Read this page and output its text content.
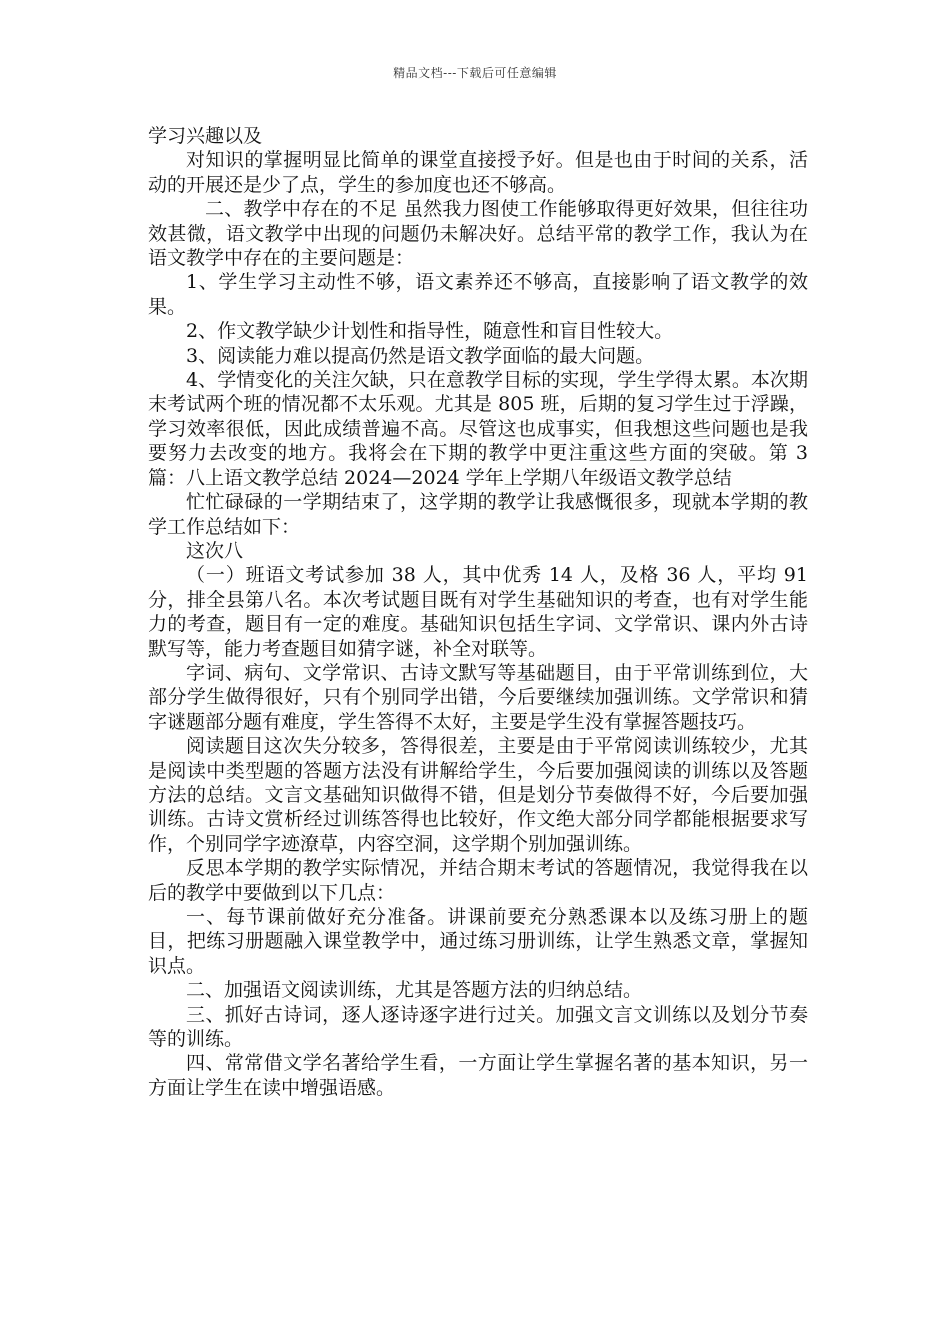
精品文档---下载后可任意编辑

学习兴趣以及

对知识的掌握明显比简单的课堂直接授予好。但是也由于时间的关系，活动的开展还是少了点，学生的参加度也还不够高。

二、教学中存在的不足 虽然我力图使工作能够取得更好效果，但往往功效甚微，语文教学中出现的问题仍未解决好。总结平常的教学工作，我认为在语文教学中存在的主要问题是：

1、学生学习主动性不够，语文素养还不够高，直接影响了语文教学的效果。

2、作文教学缺少计划性和指导性，随意性和盲目性较大。

3、阅读能力难以提高仍然是语文教学面临的最大问题。

4、学情变化的关注欠缺，只在意教学目标的实现，学生学得太累。本次期末考试两个班的情况都不太乐观。尤其是 805 班，后期的复习学生过于浮躁，学习效率很低，因此成绩普遍不高。尽管这也成事实，但我想这些问题也是我要努力去改变的地方。我将会在下期的教学中更注重这些方面的突破。第 3 篇：八上语文教学总结 2024—2024 学年上学期八年级语文教学总结

忙忙碌碌的一学期结束了，这学期的教学让我感慨很多，现就本学期的教学工作总结如下：

这次八

（一）班语文考试参加 38 人，其中优秀 14 人，及格 36 人，平均 91 分，排全县第八名。本次考试题目既有对学生基础知识的考查，也有对学生能力的考查，题目有一定的难度。基础知识包括生字词、文学常识、课内外古诗默写等，能力考查题目如猜字谜，补全对联等。

字词、病句、文学常识、古诗文默写等基础题目，由于平常训练到位，大部分学生做得很好，只有个别同学出错，今后要继续加强训练。文学常识和猜字谜题部分题有难度，学生答得不太好，主要是学生没有掌握答题技巧。

阅读题目这次失分较多，答得很差，主要是由于平常阅读训练较少，尤其是阅读中类型题的答题方法没有讲解给学生，今后要加强阅读的训练以及答题方法的总结。文言文基础知识做得不错，但是划分节奏做得不好，今后要加强训练。古诗文赏析经过训练答得也比较好，作文绝大部分同学都能根据要求写作，个别同学字迹潦草，内容空洞，这学期个别加强训练。

反思本学期的教学实际情况，并结合期末考试的答题情况，我觉得我在以后的教学中要做到以下几点：

一、每节课前做好充分准备。讲课前要充分熟悉课本以及练习册上的题目，把练习册题融入课堂教学中，通过练习册训练，让学生熟悉文章，掌握知识点。

二、加强语文阅读训练，尤其是答题方法的归纳总结。

三、抓好古诗词，逐人逐诗逐字进行过关。加强文言文训练以及划分节奏等的训练。

四、常常借文学名著给学生看，一方面让学生掌握名著的基本知识，另一方面让学生在读中增强语感。
